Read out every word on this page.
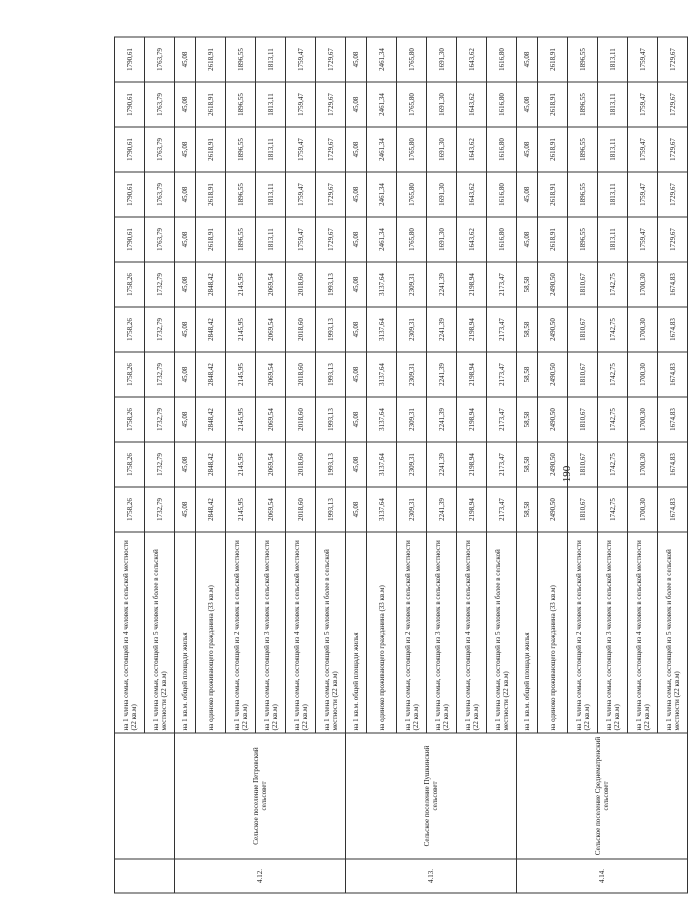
190
		на 1 члена семьи, состоящей из 4 человек в сельской местности (22 кв.м)	1758,26	1758,26	1758,26	1758,26	1758,26	1758,26	1790,61	1790,61	1790,61	1790,61	1790,61
		на 1 члена семьи, состоящей из 5 человек и более в сельской местности (22 кв.м)	1732,79	1732,79	1732,79	1732,79	1732,79	1732,79	1763,79	1763,79	1763,79	1763,79	1763,79
4.12.	Сельское поселение Петровский сельсовет	на 1 кв.м. общей площади жилья	45,08	45,08	45,08	45,08	45,08	45,08	45,08	45,08	45,08	45,08	45,08
		на одиноко проживающего гражданина (33 кв.м)	2848,42	2848,42	2848,42	2848,42	2848,42	2848,42	2618,91	2618,91	2618,91	2618,91	2618,91
		на 1 члена семьи, состоящей из 2 человек в сельской местности (22 кв.м)	2145,95	2145,95	2145,95	2145,95	2145,95	2145,95	1896,55	1896,55	1896,55	1896,55	1896,55
		на 1 члена семьи, состоящей из 3 человек в сельской местности (22 кв.м)	2069,54	2069,54	2069,54	2069,54	2069,54	2069,54	1813,11	1813,11	1813,11	1813,11	1813,11
		на 1 члена семьи, состоящей из 4 человек в сельской местности (22 кв.м)	2018,60	2018,60	2018,60	2018,60	2018,60	2018,60	1759,47	1759,47	1759,47	1759,47	1759,47
		на 1 члена семьи, состоящей из 5 человек и более в сельской местности (22 кв.м)	1993,13	1993,13	1993,13	1993,13	1993,13	1993,13	1729,67	1729,67	1729,67	1729,67	1729,67
4.13.	Сельское поселение Пушкинский сельсовет	на 1 кв.м. общей площади жилья	45,08	45,08	45,08	45,08	45,08	45,08	45,08	45,08	45,08	45,08	45,08
		на одиноко проживающего гражданина (33 кв.м)	3137,64	3137,64	3137,64	3137,64	3137,64	3137,64	2461,34	2461,34	2461,34	2461,34	2461,34
		на 1 члена семьи, состоящей из 2 человек в сельской местности (22 кв.м)	2309,31	2309,31	2309,31	2309,31	2309,31	2309,31	1765,80	1765,80	1765,80	1765,80	1765,80
		на 1 члена семьи, состоящей из 3 человек в сельской местности (22 кв.м)	2241,39	2241,39	2241,39	2241,39	2241,39	2241,39	1691,30	1691,30	1691,30	1691,30	1691,30
		на 1 члена семьи, состоящей из 4 человек в сельской местности (22 кв.м)	2198,94	2198,94	2198,94	2198,94	2198,94	2198,94	1643,62	1643,62	1643,62	1643,62	1643,62
		на 1 члена семьи, состоящей из 5 человек и более в сельской местности (22 кв.м)	2173,47	2173,47	2173,47	2173,47	2173,47	2173,47	1616,80	1616,80	1616,80	1616,80	1616,80
4.14.	Сельское поселение Среднематренский сельсовет	на 1 кв.м. общей площади жилья	58,58	58,58	58,58	58,58	58,58	58,58	45,08	45,08	45,08	45,08	45,08
		на одиноко проживающего гражданина (33 кв.м)	2490,50	2490,50	2490,50	2490,50	2490,50	2490,50	2618,91	2618,91	2618,91	2618,91	2618,91
		на 1 члена семьи, состоящей из 2 человек в сельской местности (22 кв.м)	1810,67	1810,67	1810,67	1810,67	1810,67	1810,67	1896,55	1896,55	1896,55	1896,55	1896,55
		на 1 члена семьи, состоящей из 3 человек в сельской местности (22 кв.м)	1742,75	1742,75	1742,75	1742,75	1742,75	1742,75	1813,11	1813,11	1813,11	1813,11	1813,11
		на 1 члена семьи, состоящей из 4 человек в сельской местности (22 кв.м)	1700,30	1700,30	1700,30	1700,30	1700,30	1700,30	1759,47	1759,47	1759,47	1759,47	1759,47
		на 1 члена семьи, состоящей из 5 человек и более в сельской местности (22 кв.м)	1674,83	1674,83	1674,83	1674,83	1674,83	1674,83	1729,67	1729,67	1729,67	1729,67	1729,67
